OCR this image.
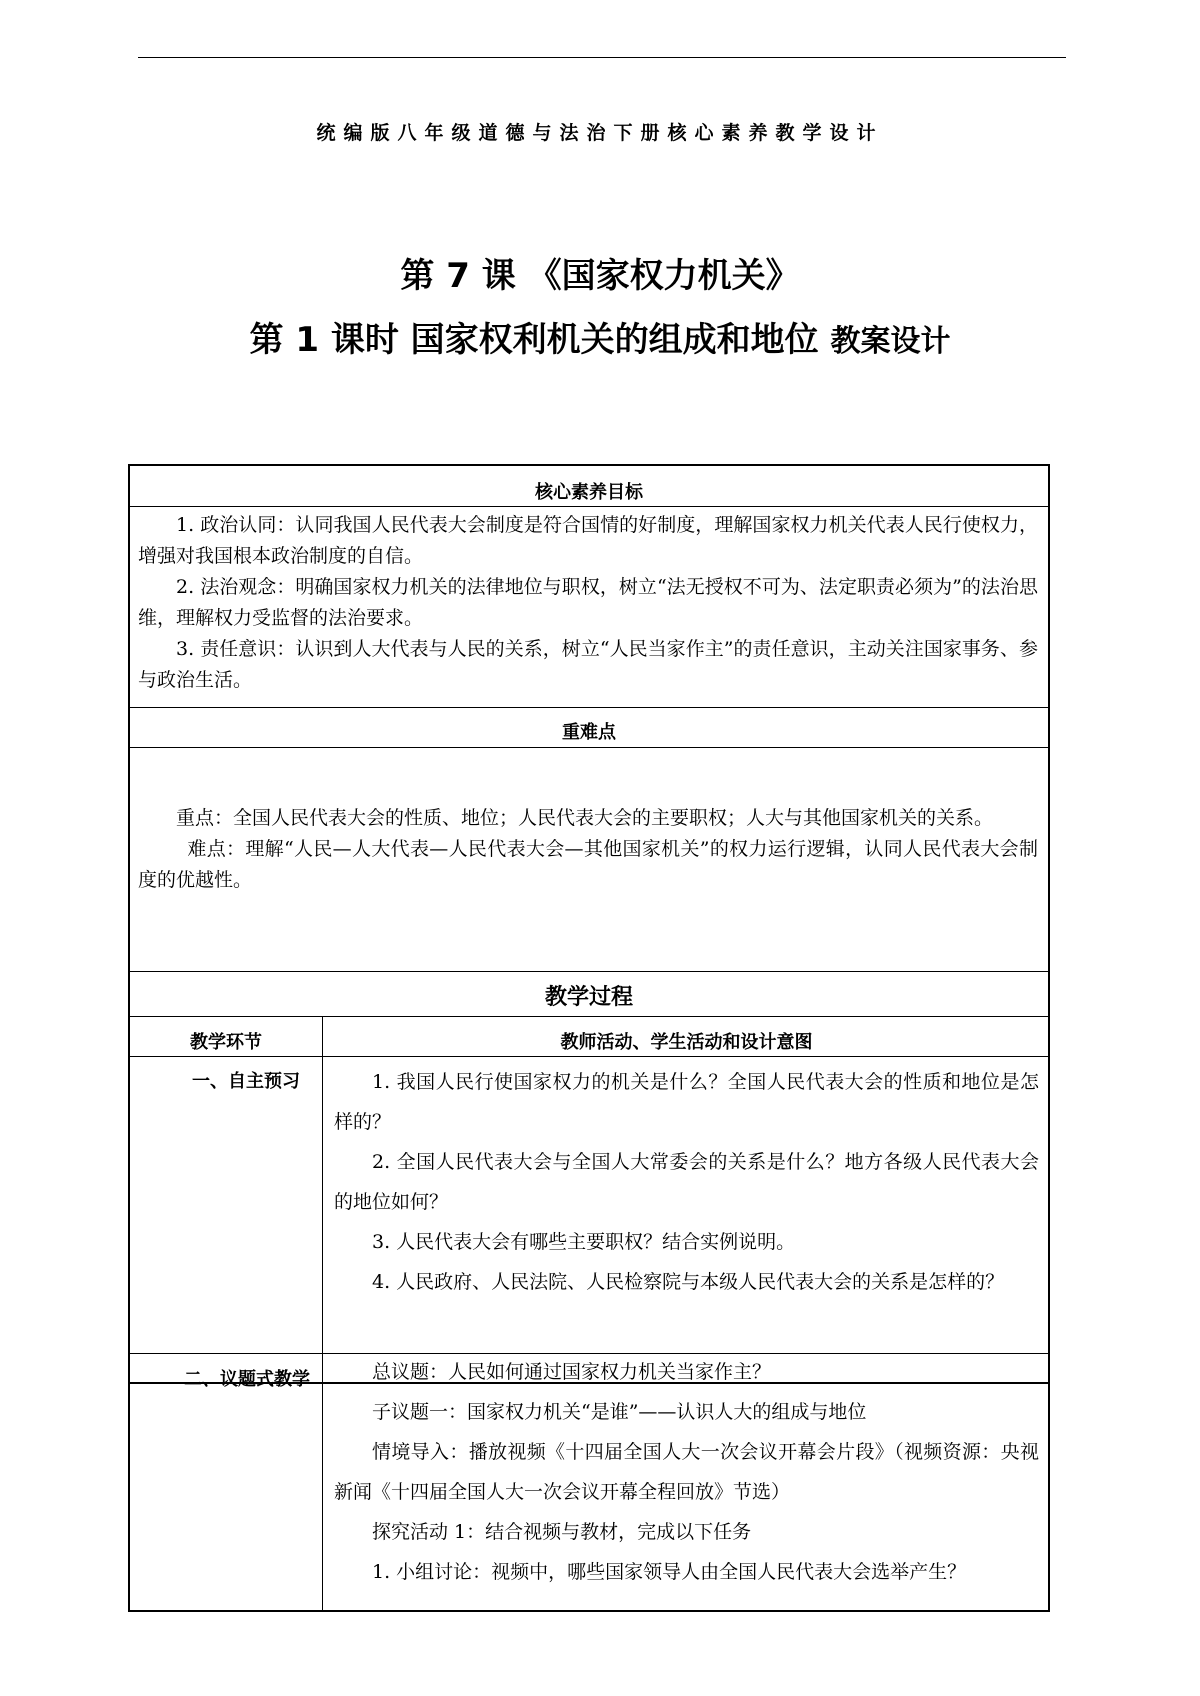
统编版八年级道德与法治下册核心素养教学设计
第 7 课 《国家权力机关》
第 1 课时 国家权利机关的组成和地位 教案设计
核心素养目标
1. 政治认同：认同我国人民代表大会制度是符合国情的好制度，理解国家权力机关代表人民行使权力，增强对我国根本政治制度的自信。
2. 法治观念：明确国家权力机关的法律地位与职权，树立“法无授权不可为、法定职责必须为”的法治思维，理解权力受监督的法治要求。
3. 责任意识：认识到人大代表与人民的关系，树立“人民当家作主”的责任意识，主动关注国家事务、参与政治生活。
重难点
重点：全国人民代表大会的性质、地位；人民代表大会的主要职权；人大与其他国家机关的关系。
难点：理解“人民—人大代表—人民代表大会—其他国家机关”的权力运行逻辑，认同人民代表大会制度的优越性。
教学过程
教学环节	教师活动、学生活动和设计意图
一、自主预习	1. 我国人民行使国家权力的机关是什么？全国人民代表大会的性质和地位是怎样的？
2. 全国人民代表大会与全国人大常委会的关系是什么？地方各级人民代表大会的地位如何？
3. 人民代表大会有哪些主要职权？结合实例说明。
4. 人民政府、人民法院、人民检察院与本级人民代表大会的关系是怎样的？
二、议题式教学	总议题：人民如何通过国家权力机关当家作主？
子议题一：国家权力机关“是谁”——认识人大的组成与地位
情境导入：播放视频《十四届全国人大一次会议开幕会片段》（视频资源：央视新闻《十四届全国人大一次会议开幕全程回放》节选）
探究活动 1：结合视频与教材，完成以下任务
1. 小组讨论：视频中，哪些国家领导人由全国人民代表大会选举产生？
